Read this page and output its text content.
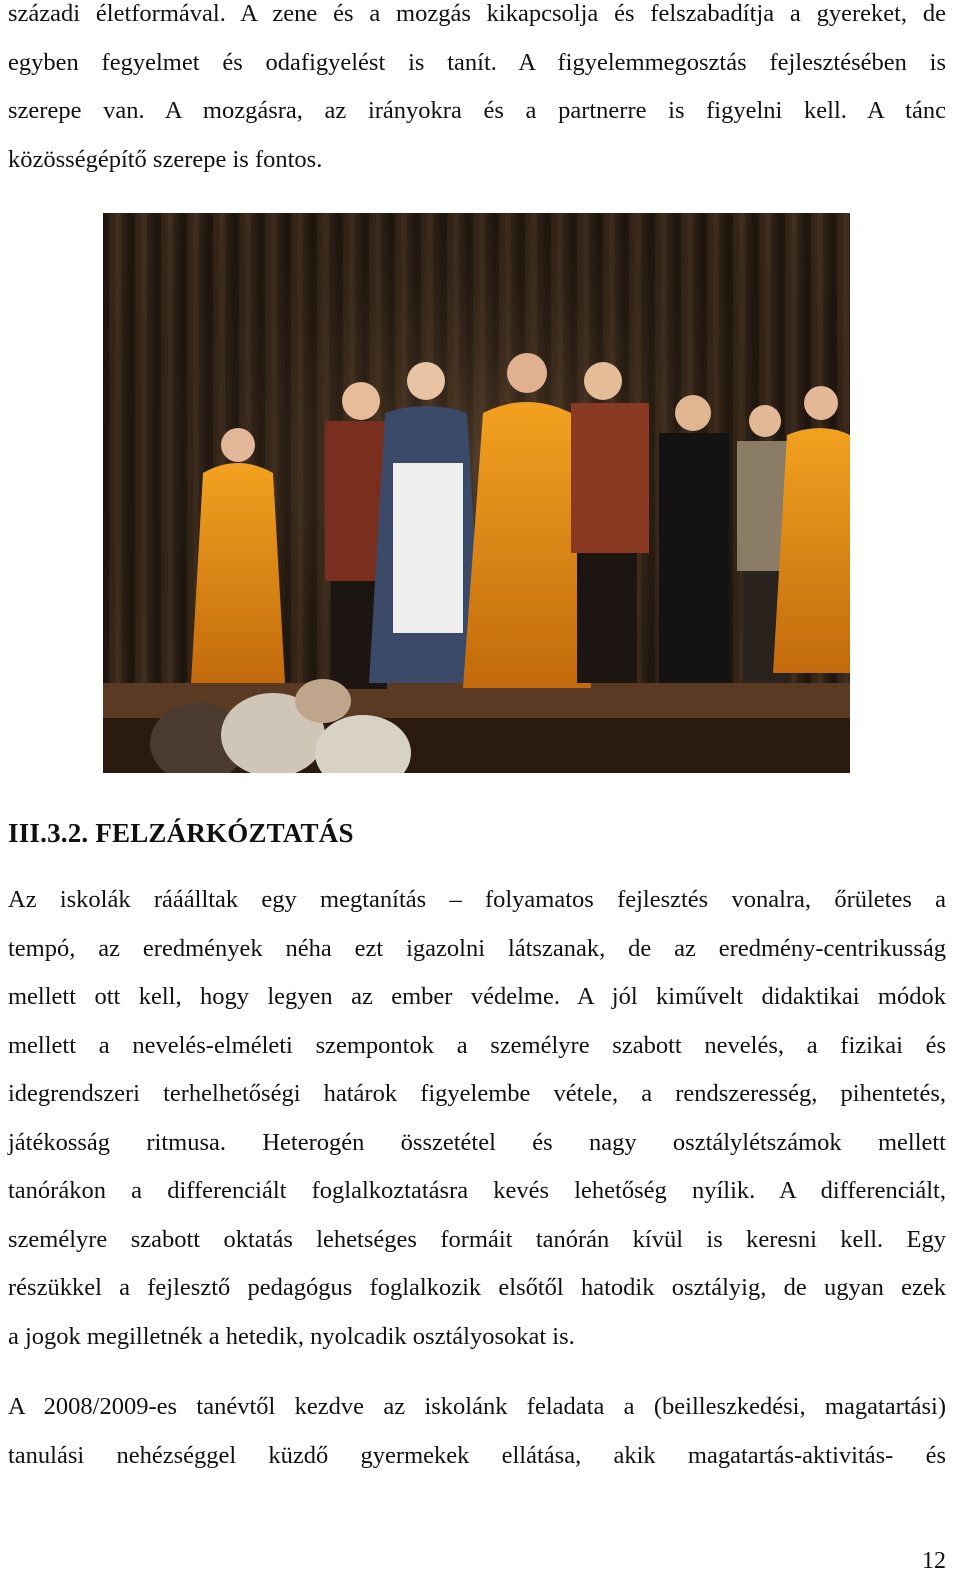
századi életformával. A zene és a mozgás kikapcsolja és felszabadítja a gyereket, de
egyben fegyelmet és odafigyelést is tanít. A figyelemmegosztás fejlesztésében is
szerepe van. A mozgásra, az irányokra és a partnerre is figyelni kell. A tánc
közösségépítő szerepe is fontos.

III.3.2. FELZÁRKÓZTATÁS

Az iskolák rááálltak egy megtanítás – folyamatos fejlesztés vonalra, őrületes a
tempó, az eredmények néha ezt igazolni látszanak, de az eredmény-centrikusság
mellett ott kell, hogy legyen az ember védelme. A jól kiművelt didaktikai módok
mellett a nevelés-elméleti szempontok a személyre szabott nevelés, a fizikai és
idegrendszeri terhelhetőségi határok figyelembe vétele, a rendszeresség, pihentetés,
játékosság ritmusa. Heterogén összetétel és nagy osztálylétszámok mellett
tanórákon a differenciált foglalkoztatásra kevés lehetőség nyílik. A differenciált,
személyre szabott oktatás lehetséges formáit tanórán kívül is keresni kell. Egy
részükkel a fejlesztő pedagógus foglalkozik elsőtől hatodik osztályig, de ugyan ezek
a jogok megilletnék a hetedik, nyolcadik osztályosokat is.

A 2008/2009-es tanévtől kezdve az iskolánk feladata a (beilleszkedési, magatartási)
tanulási nehézséggel küzdő gyermekek ellátása, akik magatartás-aktivitás- és

12
